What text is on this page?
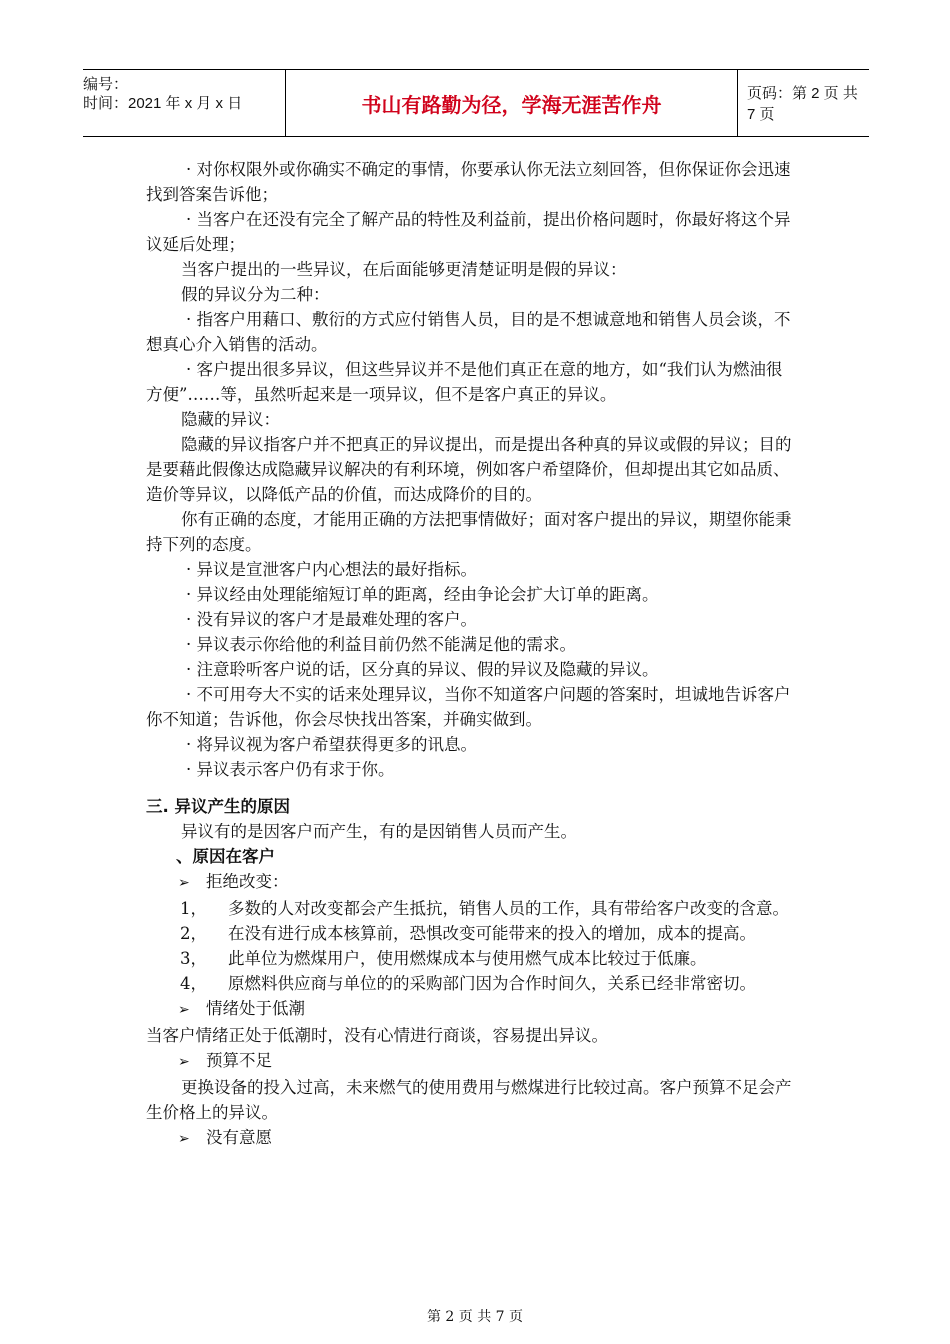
编号：
时间：2021 年 x 月 x 日	书山有路勤为径，学海无涯苦作舟	页码：第 2 页 共 7 页

· 对你权限外或你确实不确定的事情，你要承认你无法立刻回答，但你保证你会迅速找到答案告诉他；

· 当客户在还没有完全了解产品的特性及利益前，提出价格问题时，你最好将这个异议延后处理；

当客户提出的一些异议，在后面能够更清楚证明是假的异议：

假的异议分为二种：

· 指客户用藉口、敷衍的方式应付销售人员，目的是不想诚意地和销售人员会谈，不想真心介入销售的活动。

· 客户提出很多异议，但这些异议并不是他们真正在意的地方，如“我们认为燃油很方便”……等，虽然听起来是一项异议，但不是客户真正的异议。

隐藏的异议：

隐藏的异议指客户并不把真正的异议提出，而是提出各种真的异议或假的异议；目的是要藉此假像达成隐藏异议解决的有利环境，例如客户希望降价，但却提出其它如品质、造价等异议，以降低产品的价值，而达成降价的目的。

你有正确的态度，才能用正确的方法把事情做好；面对客户提出的异议，期望你能秉持下列的态度。

· 异议是宣泄客户内心想法的最好指标。

· 异议经由处理能缩短订单的距离，经由争论会扩大订单的距离。

· 没有异议的客户才是最难处理的客户。

· 异议表示你给他的利益目前仍然不能满足他的需求。

· 注意聆听客户说的话，区分真的异议、假的异议及隐藏的异议。

· 不可用夸大不实的话来处理异议，当你不知道客户问题的答案时，坦诚地告诉客户你不知道；告诉他，你会尽快找出答案，并确实做到。

· 将异议视为客户希望获得更多的讯息。

· 异议表示客户仍有求于你。

三. 异议产生的原因

异议有的是因客户而产生，有的是因销售人员而产生。

、原因在客户

➢ 拒绝改变：

1，	多数的人对改变都会产生抵抗，销售人员的工作，具有带给客户改变的含意。
2，	在没有进行成本核算前，恐惧改变可能带来的投入的增加，成本的提高。
3，	此单位为燃煤用户，使用燃煤成本与使用燃气成本比较过于低廉。
4，	原燃料供应商与单位的的采购部门因为合作时间久，关系已经非常密切。

➢ 情绪处于低潮

当客户情绪正处于低潮时，没有心情进行商谈，容易提出异议。

➢ 预算不足

更换设备的投入过高，未来燃气的使用费用与燃煤进行比较过高。客户预算不足会产生价格上的异议。

➢ 没有意愿

第 2 页 共 7 页
